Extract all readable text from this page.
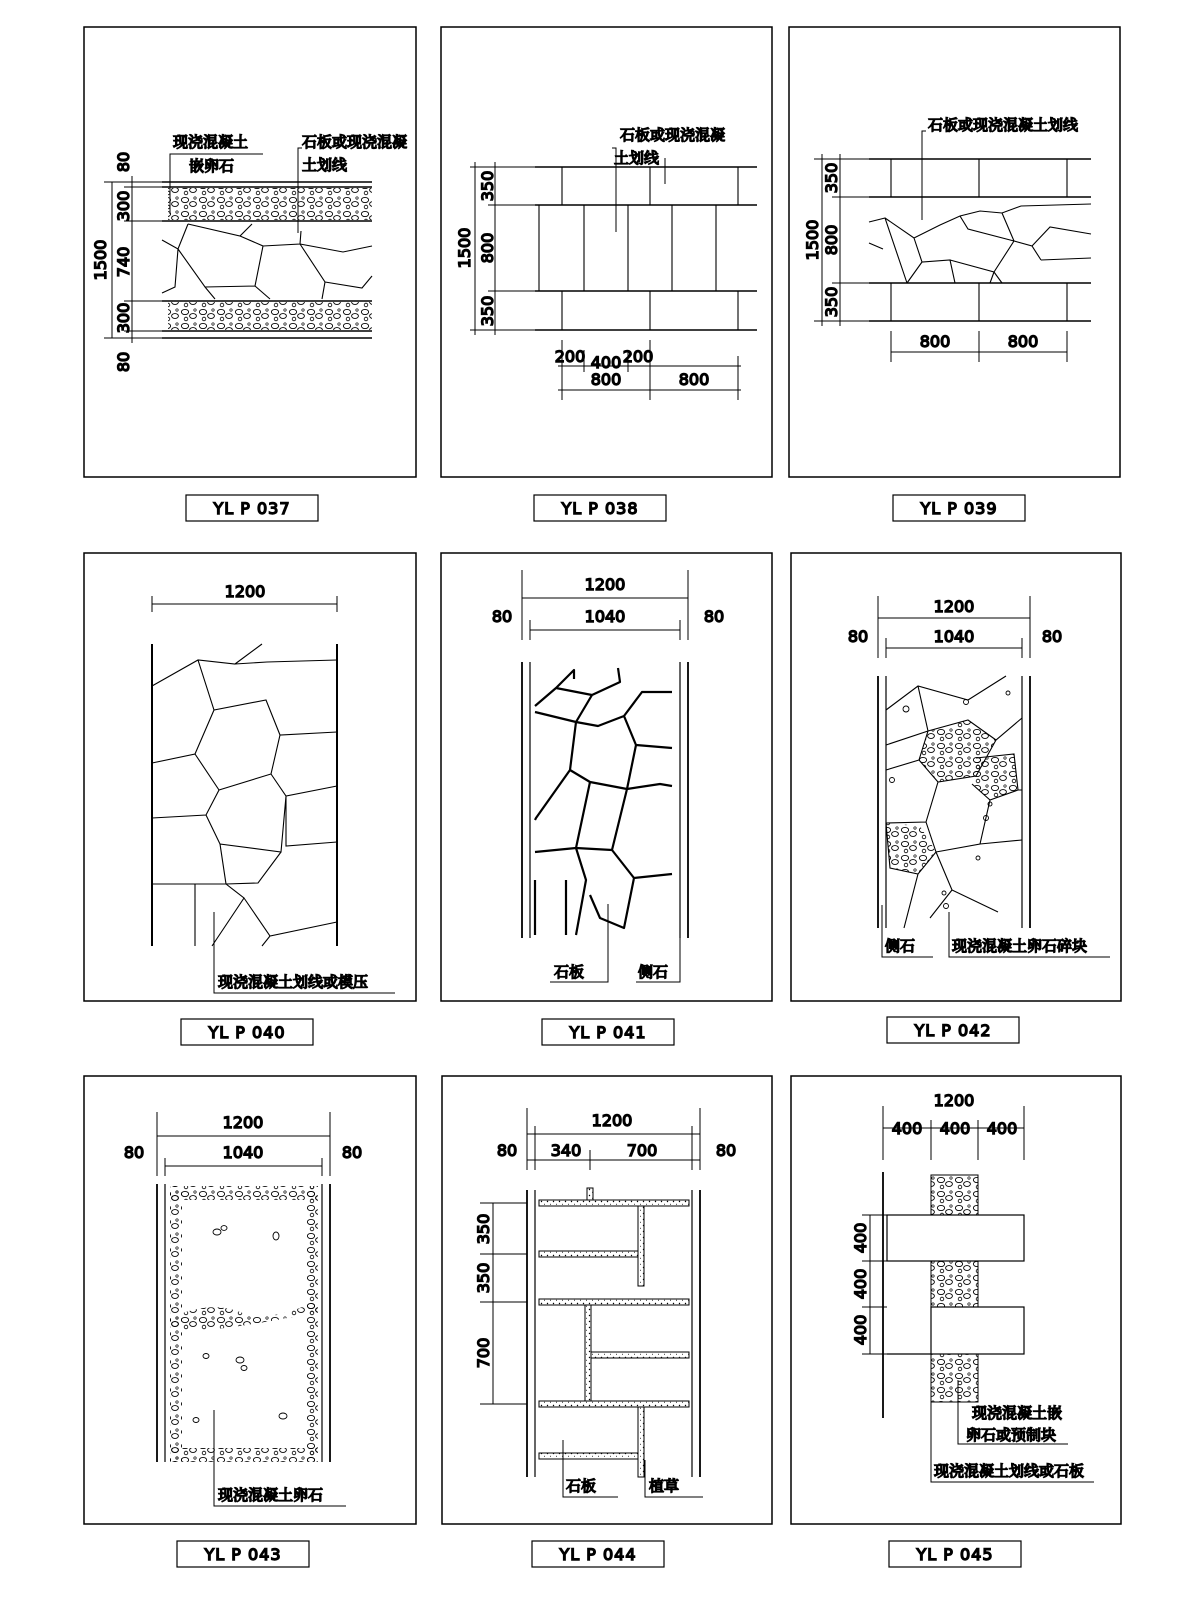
1500
80
300
740
300
80
现浇混凝土
嵌卵石
石板或现浇混凝
土划线
YL P 037
1500
350
800
350
200 400 200
800	800
石板或现浇混凝
土划线
YL P 038
1500
350
800
350
800	800
石板或现浇混凝土划线
YL P 039
1200
现浇混凝土划线或模压
YL P 040
1200
1040
80	80
石板	侧石
YL P 041
1200
1040
80	80
侧石 现浇混凝土卵石碎块
YL P 042
1200
1040
80	80
现浇混凝土卵石
YL P 043
1200
80 340	700	80
350
350
700
石板	植草
YL P 044
1200
400 400 400
400
400
400
现浇混凝土嵌
卵石或预制块
现浇混凝土划线或石板
YL P 045
